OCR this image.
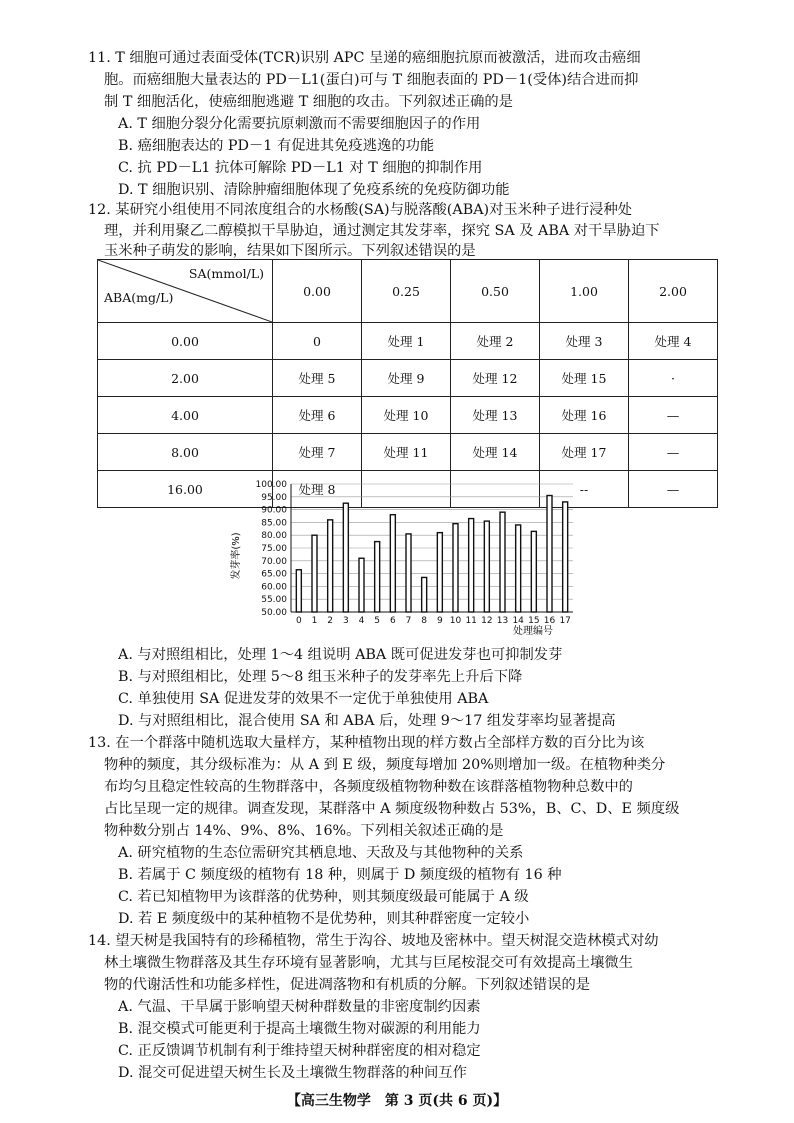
11. T 细胞可通过表面受体(TCR)识别 APC 呈递的癌细胞抗原而被激活，进而攻击癌细
胞。而癌细胞大量表达的 PD－L1(蛋白)可与 T 细胞表面的 PD－1(受体)结合进而抑
制 T 细胞活化，使癌细胞逃避 T 细胞的攻击。下列叙述正确的是
A. T 细胞分裂分化需要抗原刺激而不需要细胞因子的作用
B. 癌细胞表达的 PD－1 有促进其免疫逃逸的功能
C. 抗 PD－L1 抗体可解除 PD－L1 对 T 细胞的抑制作用
D. T 细胞识别、清除肿瘤细胞体现了免疫系统的免疫防御功能
12. 某研究小组使用不同浓度组合的水杨酸(SA)与脱落酸(ABA)对玉米种子进行浸种处
理，并利用聚乙二醇模拟干旱胁迫，通过测定其发芽率，探究 SA 及 ABA 对干旱胁迫下
玉米种子萌发的影响，结果如下图所示。下列叙述错误的是
SA(mmol/L)
ABA(mg/L)	0.00	0.25	0.50	1.00	2.00
0.00	0	处理 1	处理 2	处理 3	处理 4
2.00	处理 5	处理 9	处理 12	处理 15	·
4.00	处理 6	处理 10	处理 13	处理 16	—
8.00	处理 7	处理 11	处理 14	处理 17	—
16.00	处理 8			--	—
50.00
55.00
60.00
65.00
70.00
75.00
80.00
85.00
90.00
95.00
100.00
0 1 2 3 4 5 6 7 8 9 10 11 12 13 14 15 16 17
发芽率(%)
处理编号
A. 与对照组相比，处理 1～4 组说明 ABA 既可促进发芽也可抑制发芽
B. 与对照组相比，处理 5～8 组玉米种子的发芽率先上升后下降
C. 单独使用 SA 促进发芽的效果不一定优于单独使用 ABA
D. 与对照组相比，混合使用 SA 和 ABA 后，处理 9～17 组发芽率均显著提高
13. 在一个群落中随机选取大量样方，某种植物出现的样方数占全部样方数的百分比为该
物种的频度，其分级标准为：从 A 到 E 级，频度每增加 20%则增加一级。在植物种类分
布均匀且稳定性较高的生物群落中，各频度级植物物种数在该群落植物物种总数中的
占比呈现一定的规律。调查发现，某群落中 A 频度级物种数占 53%，B、C、D、E 频度级
物种数分别占 14%、9%、8%、16%。下列相关叙述正确的是
A. 研究植物的生态位需研究其栖息地、天敌及与其他物种的关系
B. 若属于 C 频度级的植物有 18 种，则属于 D 频度级的植物有 16 种
C. 若已知植物甲为该群落的优势种，则其频度级最可能属于 A 级
D. 若 E 频度级中的某种植物不是优势种，则其种群密度一定较小
14. 望天树是我国特有的珍稀植物，常生于沟谷、坡地及密林中。望天树混交造林模式对幼
林土壤微生物群落及其生存环境有显著影响，尤其与巨尾桉混交可有效提高土壤微生
物的代谢活性和功能多样性，促进凋落物和有机质的分解。下列叙述错误的是
A. 气温、干旱属于影响望天树种群数量的非密度制约因素
B. 混交模式可能更利于提高土壤微生物对碳源的利用能力
C. 正反馈调节机制有利于维持望天树种群密度的相对稳定
D. 混交可促进望天树生长及土壤微生物群落的种间互作
【高三生物学　第 3 页(共 6 页)】
